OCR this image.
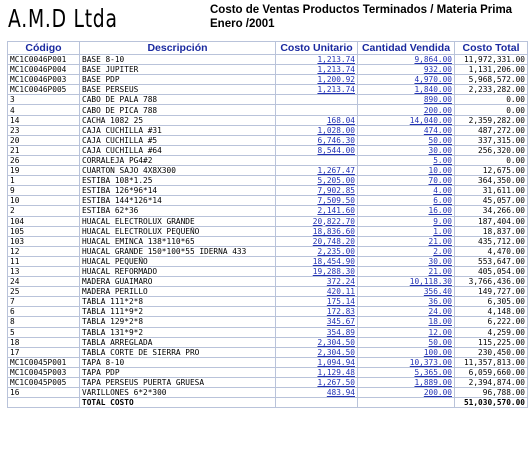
A.M.D Ltda	Costo de Ventas Productos Terminados / Materia Prima
Enero /2001
Código	Descripción	Costo Unitario	Cantidad Vendida	Costo Total
MC1C0046P001	BASE 8-10	1,213.74	9,864.00	11,972,331.00
MC1C0046P004	BASE JUPITER	1,213.74	932.00	1,131,206.00
MC1C0046P003	BASE PDP	1,200.92	4,970.00	5,968,572.00
MC1C0046P005	BASE PERSEUS	1,213.74	1,840.00	2,233,282.00
3	CABO DE PALA 788		890.00	0.00
4	CABO DE PICA 788		200.00	0.00
14	CACHA 1082 25	168.04	14,040.00	2,359,282.00
23	CAJA CUCHILLA #31	1,028.00	474.00	487,272.00
20	CAJA CUCHILLA #5	6,746.30	50.00	337,315.00
21	CAJA CUCHILLA #64	8,544.00	30.00	256,320.00
26	CORRALEJA PG4#2		5.00	0.00
19	CUARTON SAJO 4X8X300	1,267.47	10.00	12,675.00
1	ESTIBA 108*1.25	5,205.00	70.00	364,350.00
9	ESTIBA 126*96*14	7,902.85	4.00	31,611.00
10	ESTIBA 144*126*14	7,509.50	6.00	45,057.00
2	ESTIBA 62*36	2,141.60	16.00	34,266.00
104	HUACAL ELECTROLUX GRANDE	20,822.70	9.00	187,404.00
105	HUACAL ELECTROLUX PEQUEÑO	18,836.60	1.00	18,837.00
103	HUACAL EMINCA 138*110*65	20,748.20	21.00	435,712.00
12	HUACAL GRANDE 150*100*55 IDERNA 433	2,235.00	2.00	4,470.00
11	HUACAL PEQUEÑO	18,454.90	30.00	553,647.00
13	HUACAL REFORMADO	19,288.30	21.00	405,054.00
24	MADERA GUAIMARO	372.24	10,118.30	3,766,436.00
25	MADERA PERILLO	420.11	356.40	149,727.00
7	TABLA 111*2*8	175.14	36.00	6,305.00
6	TABLA 111*9*2	172.83	24.00	4,148.00
8	TABLA 129*2*8	345.67	18.00	6,222.00
5	TABLA 131*9*2	354.89	12.00	4,259.00
18	TABLA ARREGLADA	2,304.50	50.00	115,225.00
17	TABLA CORTE DE SIERRA PRO	2,304.50	100.00	230,450.00
MC1C0045P001	TAPA 8-10	1,094.94	10,373.00	11,357,813.00
MC1C0045P003	TAPA PDP	1,129.48	5,365.00	6,059,660.00
MC1C0045P005	TAPA PERSEUS PUERTA GRUESA	1,267.50	1,889.00	2,394,874.00
16	VARILLONES 6*2*300	483.94	200.00	96,788.00
	TOTAL COSTO			51,030,570.00
